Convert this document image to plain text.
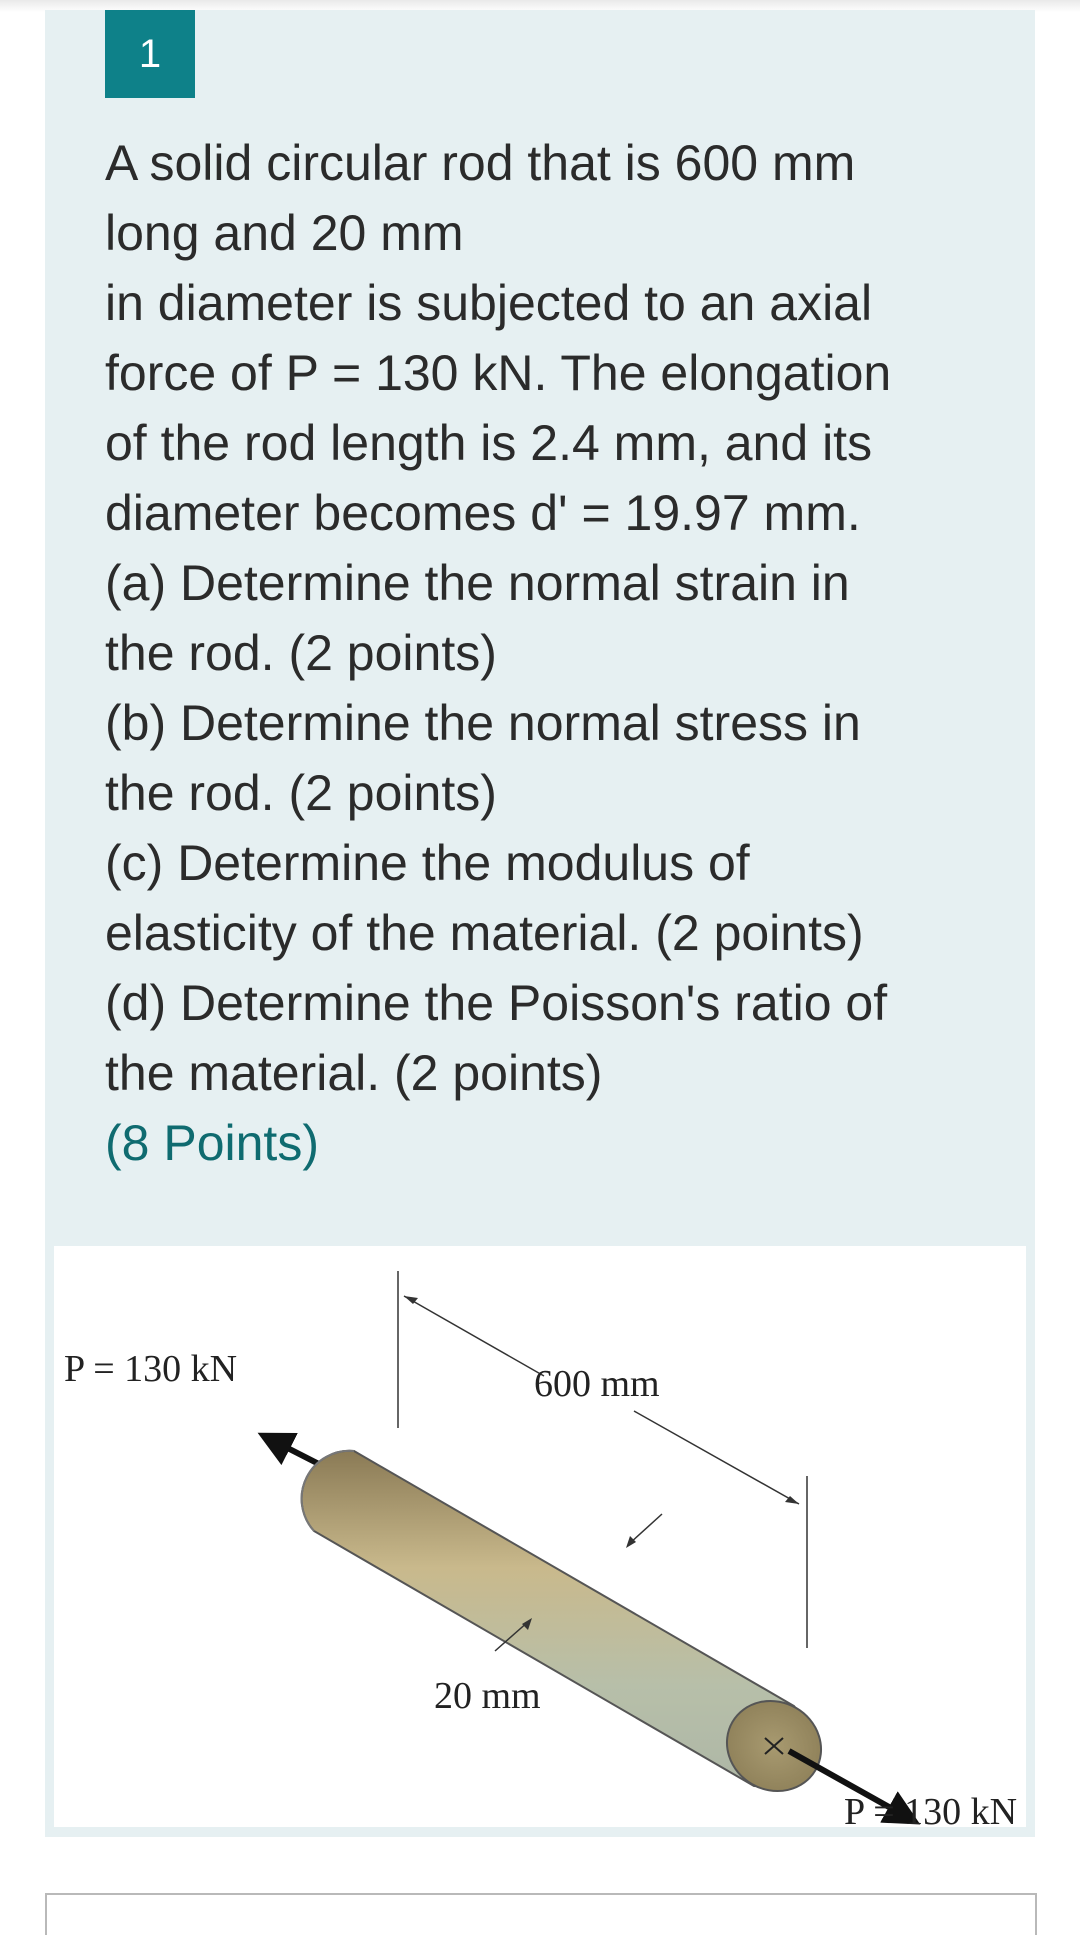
1
A solid circular rod that is 600 mm
long and 20 mm
in diameter is subjected to an axial
force of P = 130 kN. The elongation
of the rod length is 2.4 mm, and its
diameter becomes d' = 19.97 mm.
(a) Determine the normal strain in
the rod. (2 points)
(b) Determine the normal stress in
the rod. (2 points)
(c) Determine the modulus of
elasticity of the material. (2 points)
(d) Determine the Poisson's ratio of
the material. (2 points)
(8 Points)
600 mm
P = 130 kN
P = 130 kN
20 mm
